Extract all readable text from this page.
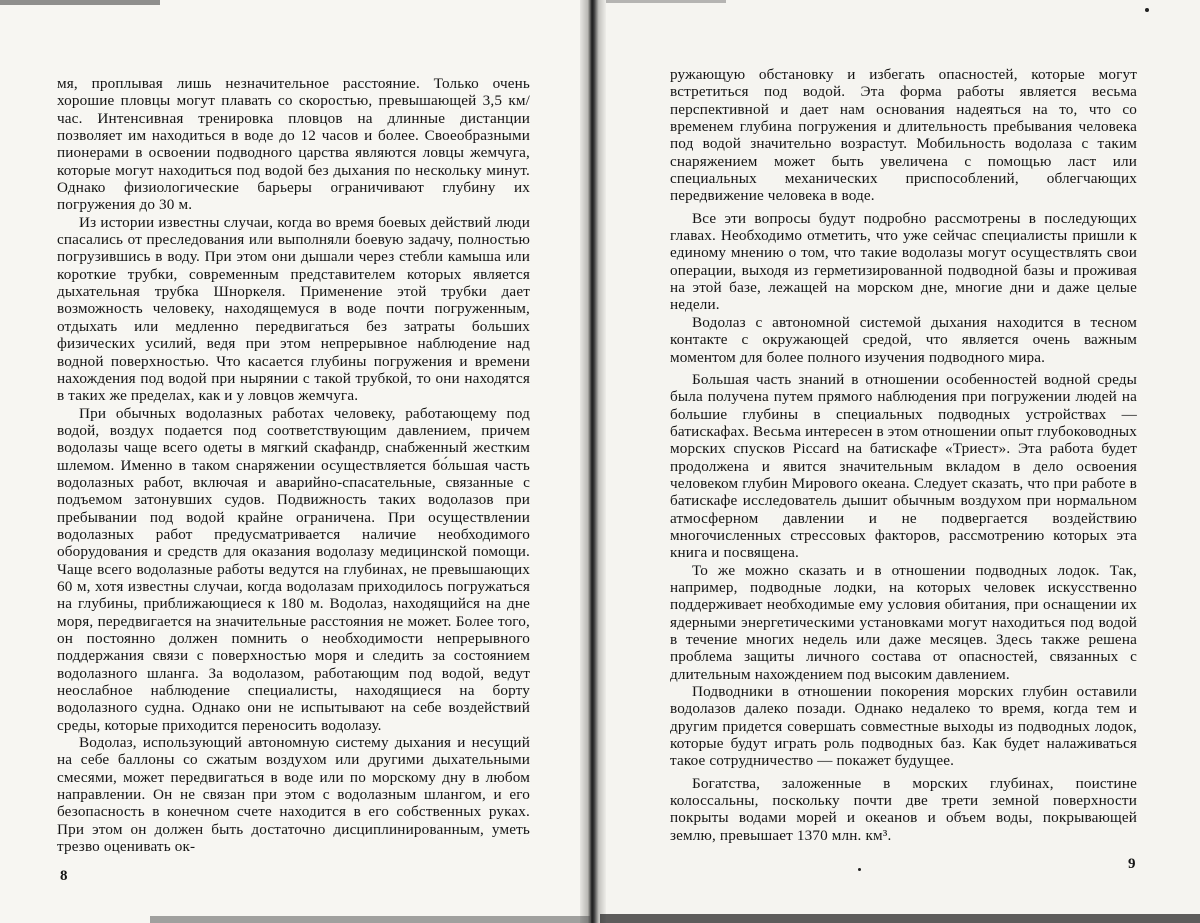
мя, проплывая лишь незначительное расстояние. Только очень хорошие пловцы могут плавать со скоростью, превышающей 3,5 км/час. Интенсивная тренировка пловцов на длинные дистанции позволяет им находиться в воде до 12 часов и более. Своеобразными пионерами в освоении подводного царства являются ловцы жемчуга, которые могут находиться под водой без дыхания по нескольку минут. Однако физиологические барьеры ограничивают глубину их погружения до 30 м.

Из истории известны случаи, когда во время боевых действий люди спасались от преследования или выполняли боевую задачу, полностью погрузившись в воду. При этом они дышали через стебли камыша или короткие трубки, современным представителем которых является дыхательная трубка Шноркеля. Применение этой трубки дает возможность человеку, находящемуся в воде почти погруженным, отдыхать или медленно передвигаться без затраты больших физических усилий, ведя при этом непрерывное наблюдение над водной поверхностью. Что касается глубины погружения и времени нахождения под водой при нырянии с такой трубкой, то они находятся в таких же пределах, как и у ловцов жемчуга.

При обычных водолазных работах человеку, работающему под водой, воздух подается под соответствующим давлением, причем водолазы чаще всего одеты в мягкий скафандр, снабженный жестким шлемом. Именно в таком снаряжении осуществляется бо́льшая часть водолазных работ, включая и аварийно-спасательные, связанные с подъемом затонувших судов. Подвижность таких водолазов при пребывании под водой крайне ограничена. При осуществлении водолазных работ предусматривается наличие необходимого оборудования и средств для оказания водолазу медицинской помощи. Чаще всего водолазные работы ведутся на глубинах, не превышающих 60 м, хотя известны случаи, когда водолазам приходилось погружаться на глубины, приближающиеся к 180 м. Водолаз, находящийся на дне моря, передвигается на значительные расстояния не может. Более того, он постоянно должен помнить о необходимости непрерывного поддержания связи с поверхностью моря и следить за состоянием водолазного шланга. За водолазом, работающим под водой, ведут неослабное наблюдение специалисты, находящиеся на борту водолазного судна. Однако они не испытывают на себе воздействий среды, которые приходится переносить водолазу.

Водолаз, использующий автономную систему дыхания и несущий на себе баллоны со сжатым воздухом или другими дыхательными смесями, может передвигаться в воде или по морскому дну в любом направлении. Он не связан при этом с водолазным шлангом, и его безопасность в конечном счете находится в его собственных руках. При этом он должен быть достаточно дисциплинированным, уметь трезво оценивать ок-

8

ружающую обстановку и избегать опасностей, которые могут встретиться под водой. Эта форма работы является весьма перспективной и дает нам основания надеяться на то, что со временем глубина погружения и длительность пребывания человека под водой значительно возрастут. Мобильность водолаза с таким снаряжением может быть увеличена с помощью ласт или специальных механических приспособлений, облегчающих передвижение человека в воде.

Все эти вопросы будут подробно рассмотрены в последующих главах. Необходимо отметить, что уже сейчас специалисты пришли к единому мнению о том, что такие водолазы могут осуществлять свои операции, выходя из герметизированной подводной базы и проживая на этой базе, лежащей на морском дне, многие дни и даже целые недели.

Водолаз с автономной системой дыхания находится в тесном контакте с окружающей средой, что является очень важным моментом для более полного изучения подводного мира.

Большая часть знаний в отношении особенностей водной среды была получена путем прямого наблюдения при погружении людей на большие глубины в специальных подводных устройствах — батискафах. Весьма интересен в этом отношении опыт глубоководных морских спусков Piccard на батискафе «Триест». Эта работа будет продолжена и явится значительным вкладом в дело освоения человеком глубин Мирового океана. Следует сказать, что при работе в батискафе исследователь дышит обычным воздухом при нормальном атмосферном давлении и не подвергается воздействию многочисленных стрессовых факторов, рассмотрению которых эта книга и посвящена.

То же можно сказать и в отношении подводных лодок. Так, например, подводные лодки, на которых человек искусственно поддерживает необходимые ему условия обитания, при оснащении их ядерными энергетическими установками могут находиться под водой в течение многих недель или даже месяцев. Здесь также решена проблема защиты личного состава от опасностей, связанных с длительным нахождением под высоким давлением.

Подводники в отношении покорения морских глубин оставили водолазов далеко позади. Однако недалеко то время, когда тем и другим придется совершать совместные выходы из подводных лодок, которые будут играть роль подводных баз. Как будет налаживаться такое сотрудничество — покажет будущее.

Богатства, заложенные в морских глубинах, поистине колоссальны, поскольку почти две трети земной поверхности покрыты водами морей и океанов и объем воды, покрывающей землю, превышает 1370 млн. км³.

9
